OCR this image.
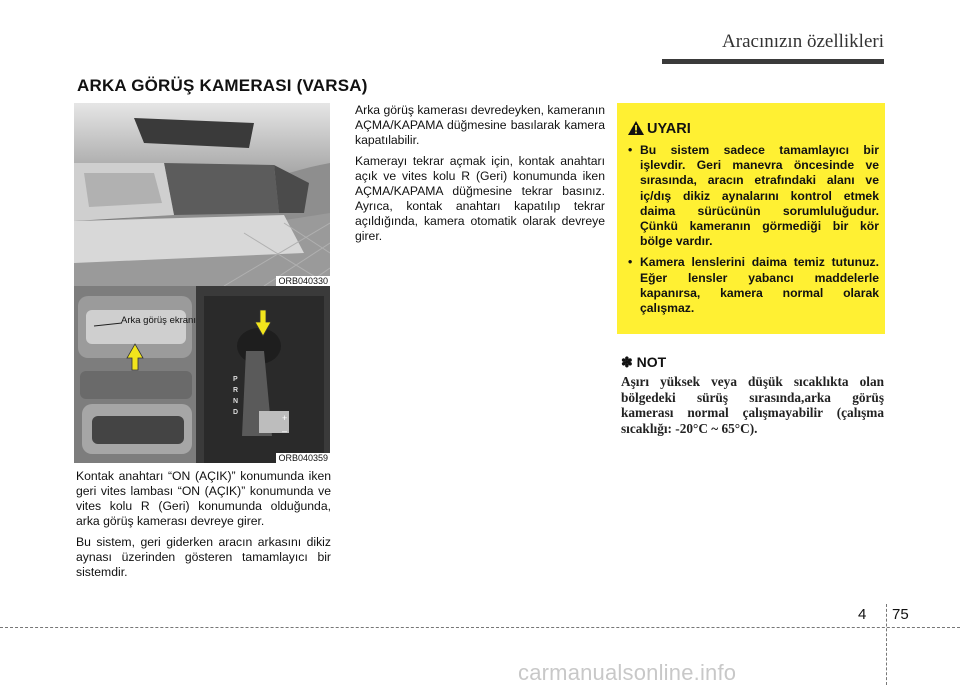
Aracınızın özellikleri
ARKA GÖRÜŞ KAMERASI (VARSA)
ORB040330
+
–
Arka görüş ekranı
P
R
N
D
ORB040359

Kontak anahtarı “ON (AÇIK)” konumunda iken geri vites lambası “ON (AÇIK)” konumunda ve vites kolu R (Geri) konumunda olduğunda, arka görüş kamerası devreye girer.

Bu sistem, geri giderken aracın arkasını dikiz aynası üzerinden gösteren tamamlayıcı bir sistemdir.

Arka görüş kamerası devredeyken, kameranın AÇMA/KAPAMA düğmesine basılarak kamera kapatılabilir.

Kamerayı tekrar açmak için, kontak anahtarı açık ve vites kolu R (Geri) konumunda iken AÇMA/KAPAMA düğmesine tekrar basınız. Ayrıca, kontak anahtarı kapatılıp tekrar açıldığında, kamera otomatik olarak devreye girer.

UYARI
• Bu sistem sadece tamamlayıcı bir işlevdir. Geri manevra öncesinde ve sırasında, aracın etrafındaki alanı ve iç/dış dikiz aynalarını kontrol etmek daima sürücünün sorumluluğudur. Çünkü kameranın görmediği bir kör bölge vardır.
• Kamera lenslerini daima temiz tutunuz. Eğer lensler yabancı maddelerle kapanırsa, kamera normal olarak çalışmaz.
✽ NOT
Aşırı yüksek veya düşük sıcaklıkta olan bölgedeki sürüş sırasında,arka görüş kamerası normal çalışmayabilir (çalışma sıcaklığı: -20°C ~ 65°C).
4 75
carmanualsonline.info
